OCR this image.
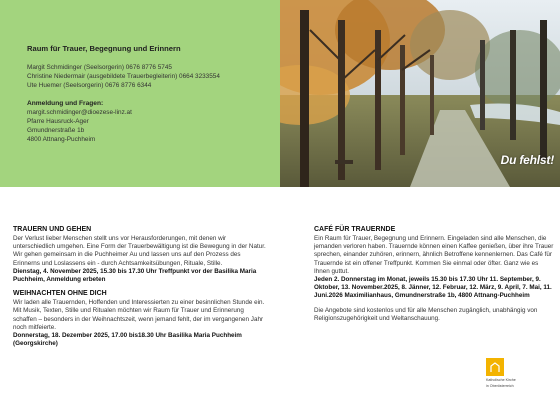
Raum für Trauer, Begegnung und Erinnern
Margit Schmidinger (Seelsorgerin) 0676 8776 5745
Christine Niedermair (ausgebildete Trauerbegleiterin) 0664 3233554
Ute Huemer (Seelsorgerin) 0676 8776 6344
Anmeldung und Fragen:
margit.schmidinger@dioezese-linz.at
Pfarre Hausruck-Ager
Gmundnerstraße 1b
4800 Attnang-Puchheim
Du fehlst!
TRAUERN UND GEHEN
Der Verlust lieber Menschen stellt uns vor Herausforderungen, mit denen wir unterschiedlich umgehen. Eine Form der Trauerbewältigung ist die Bewegung in der Natur. Wir gehen gemeinsam in die Puchheimer Au und lassen uns auf den Prozess des Erinnerns und Loslassens ein - durch Achtsamkeitsübungen, Rituale, Stille.
Dienstag, 4. November 2025, 15.30 bis 17.30 Uhr Treffpunkt vor der Basilika Maria Puchheim, Anmeldung erbeten
WEIHNACHTEN OHNE DICH
Wir laden alle Trauernden, Hoffenden und Interessierten zu einer besinnlichen Stunde ein. Mit Musik, Texten, Stille und Ritualen möchten wir Raum für Trauer und Erinnerung schaffen – besonders in der Weihnachtszeit, wenn jemand fehlt, der im vergangenen Jahr noch mitfeierte.
Donnerstag, 18. Dezember 2025, 17.00 bis18.30 Uhr Basilika Maria Puchheim (Georgskirche)
CAFÉ FÜR TRAUERNDE
Ein Raum für Trauer, Begegnung und Erinnern. Eingeladen sind alle Menschen, die jemanden verloren haben. Trauernde können einen Kaffee genießen, über ihre Trauer sprechen, einander zuhören, erinnern, ähnlich Betroffene kennenlernen. Das Café für Trauernde ist ein offener Treffpunkt. Kommen Sie einmal oder öfter. Ganz wie es Ihnen guttut.
Jeden 2. Donnerstag im Monat, jeweils 15.30 bis 17.30 Uhr 11. September, 9. Oktober, 13. November.2025, 8. Jänner, 12. Februar, 12. März, 9. April, 7. Mai, 11. Juni.2026 Maximilianhaus, Gmundnerstraße 1b, 4800 Attnang-Puchheim
Die Angebote sind kostenlos und für alle Menschen zugänglich, unabhängig von Religionszugehörigkeit und Weltanschauung.
Katholische Kirche
in Oberösterreich
